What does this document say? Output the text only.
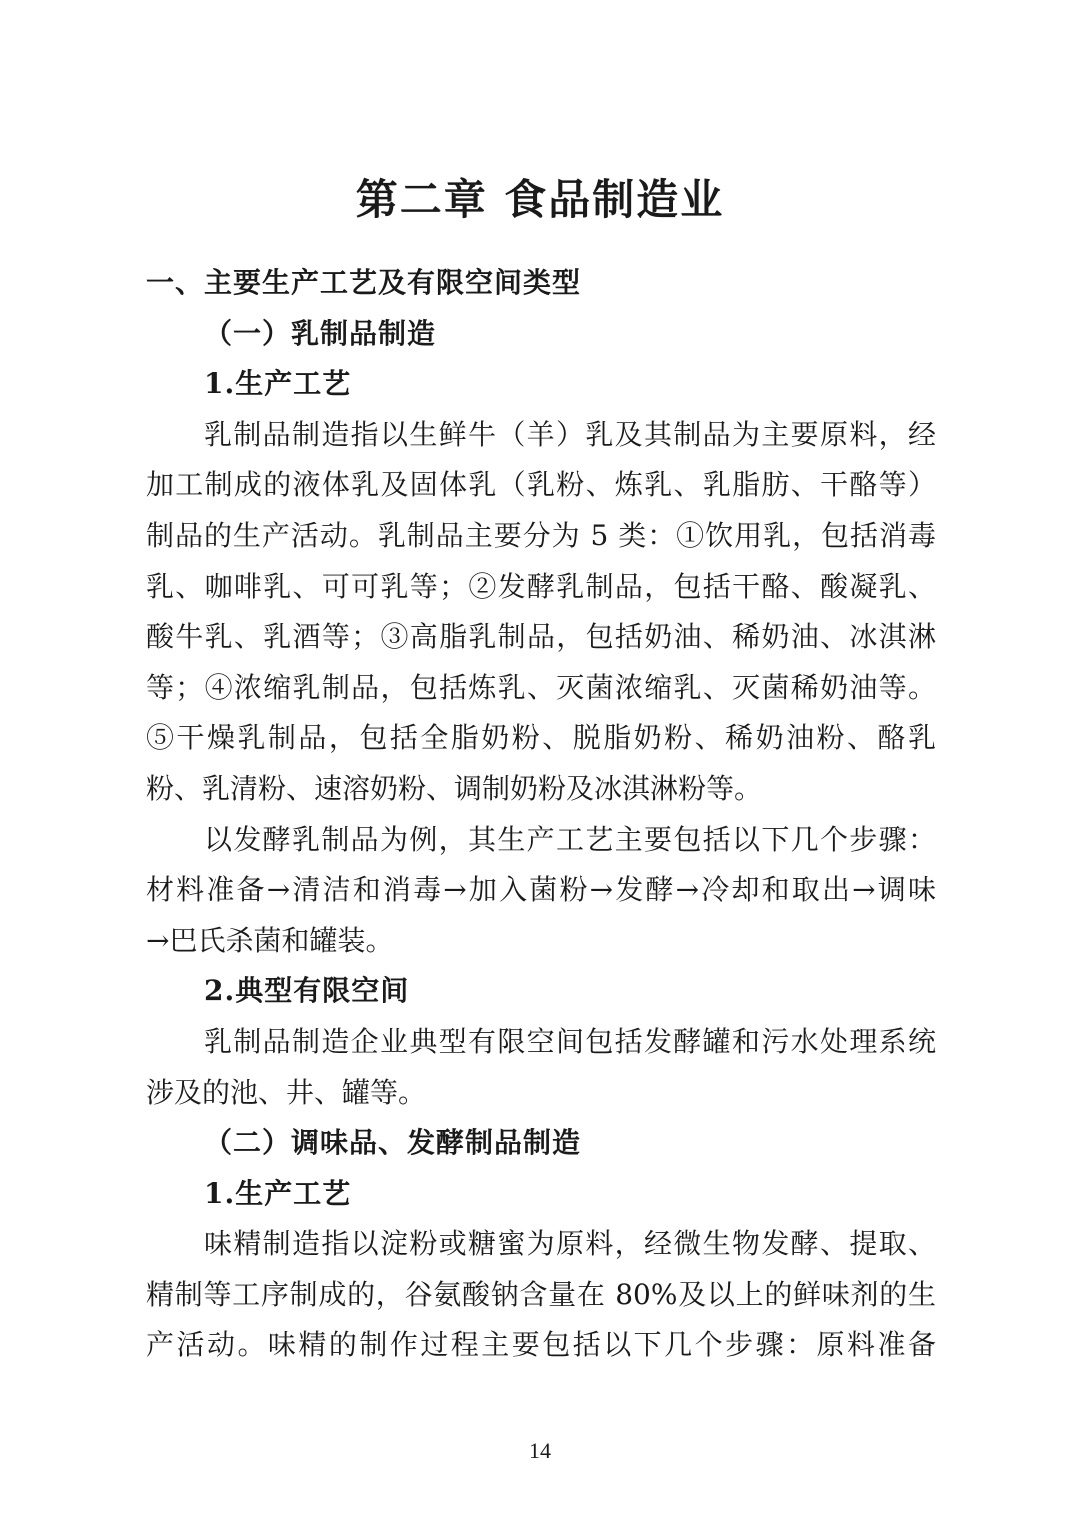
第二章 食品制造业
一、主要生产工艺及有限空间类型
（一）乳制品制造
1.生产工艺
乳制品制造指以生鲜牛（羊）乳及其制品为主要原料，经
加工制成的液体乳及固体乳（乳粉、炼乳、乳脂肪、干酪等）
制品的生产活动。乳制品主要分为 5 类：①饮用乳，包括消毒
乳、咖啡乳、可可乳等；②发酵乳制品，包括干酪、酸凝乳、
酸牛乳、乳酒等；③高脂乳制品，包括奶油、稀奶油、冰淇淋
等；④浓缩乳制品，包括炼乳、灭菌浓缩乳、灭菌稀奶油等。
⑤干燥乳制品，包括全脂奶粉、脱脂奶粉、稀奶油粉、酪乳
粉、乳清粉、速溶奶粉、调制奶粉及冰淇淋粉等。
以发酵乳制品为例，其生产工艺主要包括以下几个步骤：
材料准备→清洁和消毒→加入菌粉→发酵→冷却和取出→调味
→巴氏杀菌和罐装。
2.典型有限空间
乳制品制造企业典型有限空间包括发酵罐和污水处理系统
涉及的池、井、罐等。
（二）调味品、发酵制品制造
1.生产工艺
味精制造指以淀粉或糖蜜为原料，经微生物发酵、提取、
精制等工序制成的，谷氨酸钠含量在 80%及以上的鲜味剂的生
产活动。味精的制作过程主要包括以下几个步骤：原料准备
14
